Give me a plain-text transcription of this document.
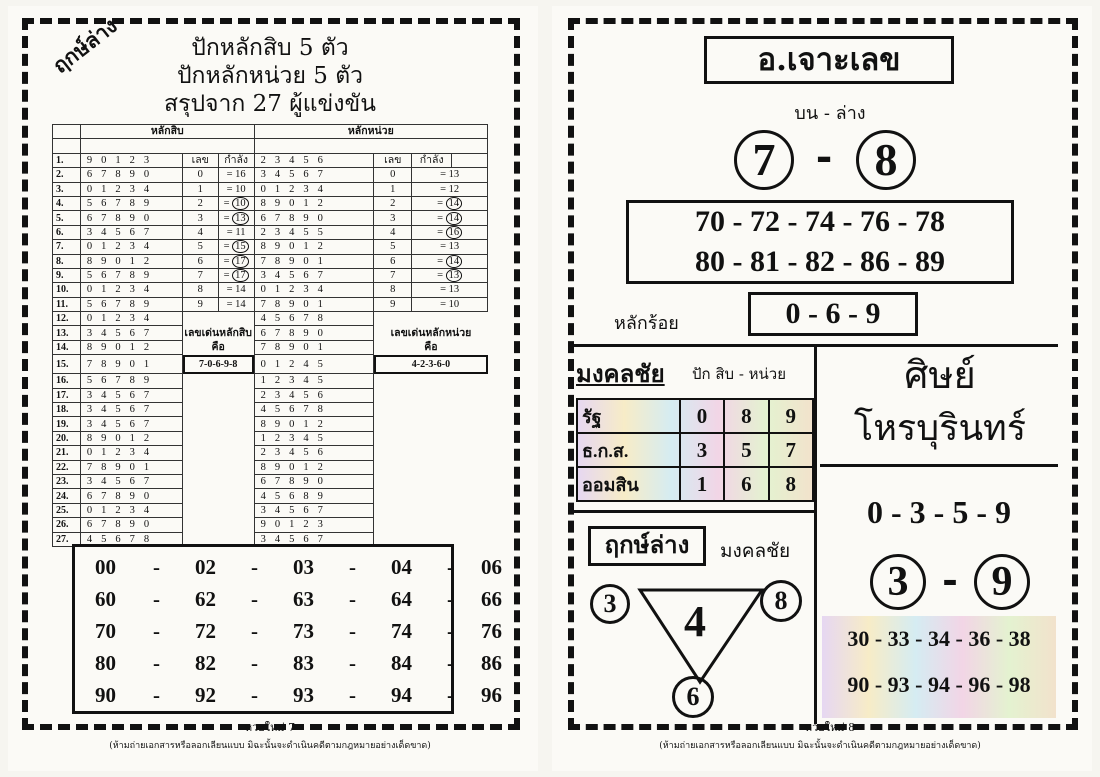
ฤกษ์ล่าง	ปักหลักสิบ 5 ตัว
ปักหลักหน่วย 5 ตัว
สรุปจาก 27 ผู้แข่งขัน
	หลักสิบ			หลักหน่วย			

1.	90123	เลข	กำลัง	23456	เลข	กำลัง	
2.	67890	0	= 16	34567	0	= 13	
3.	01234	1	= 10	01234	1	= 12	
4.	56789	2	= 10	89012	2	= 14	
5.	67890	3	= 13	67890	3	= 14	
6.	34567	4	= 11	23455	4	= 16	
7.	01234	5	= 15	89012	5	= 13	
8.	89012	6	= 17	78901	6	= 14	
9.	56789	7	= 17	34567	7	= 13	
10.	01234	8	= 14	01234	8	= 13	
11.	56789	9	= 14	78901	9	= 10	
12.	01234			45678			
13.	34567	เลขเด่นหลักสิบ		67890	เลขเด่นหลักหน่วย		
14.	89012	คือ		78901	คือ		
15.	78901	7-0-6-9-8		01245	4-2-3-6-0		

16.	56789			12345			
17.	34567			23456			
18.	34567			45678			
19.	34567			89012			
20.	89012			12345			
21.	01234			23456			
22.	78901			89012			
23.	34567			67890			
24.	67890			45689			
25.	01234			34567			
26.	67890			90123			
27.	45678			34567			
00 - 02 - 03 - 04 - 06
60 - 62 - 63 - 64 - 66
70 - 72 - 73 - 74 - 76
80 - 82 - 83 - 84 - 86
90 - 92 - 93 - 94 - 96
หวยใหม่ 7
(ห้ามถ่ายเอกสารหรือลอกเลียนแบบ มิฉะนั้นจะดำเนินคดีตามกฎหมายอย่างเด็ดขาด)
อ.เจาะเลข
บน - ล่าง
7	- 8
70 - 72 - 74 - 76 - 78
80 - 81 - 82 - 86 - 89
หลักร้อย	0 - 6 - 9
มงคลชัย ปัก สิบ - หน่วย
รัฐ	0	8	9
ธ.ก.ส.	3	5	7
ออมสิน	1	6	8
ศิษย์
โหรบุรินทร์
0 - 3 - 5 - 9
3 - 9
30 - 33 - 34 - 36 - 38
90 - 93 - 94 - 96 - 98
ฤกษ์ล่าง	มงคลชัย
3	8
4
6
หวยใหม่ 8
(ห้ามถ่ายเอกสารหรือลอกเลียนแบบ มิฉะนั้นจะดำเนินคดีตามกฎหมายอย่างเด็ดขาด)
